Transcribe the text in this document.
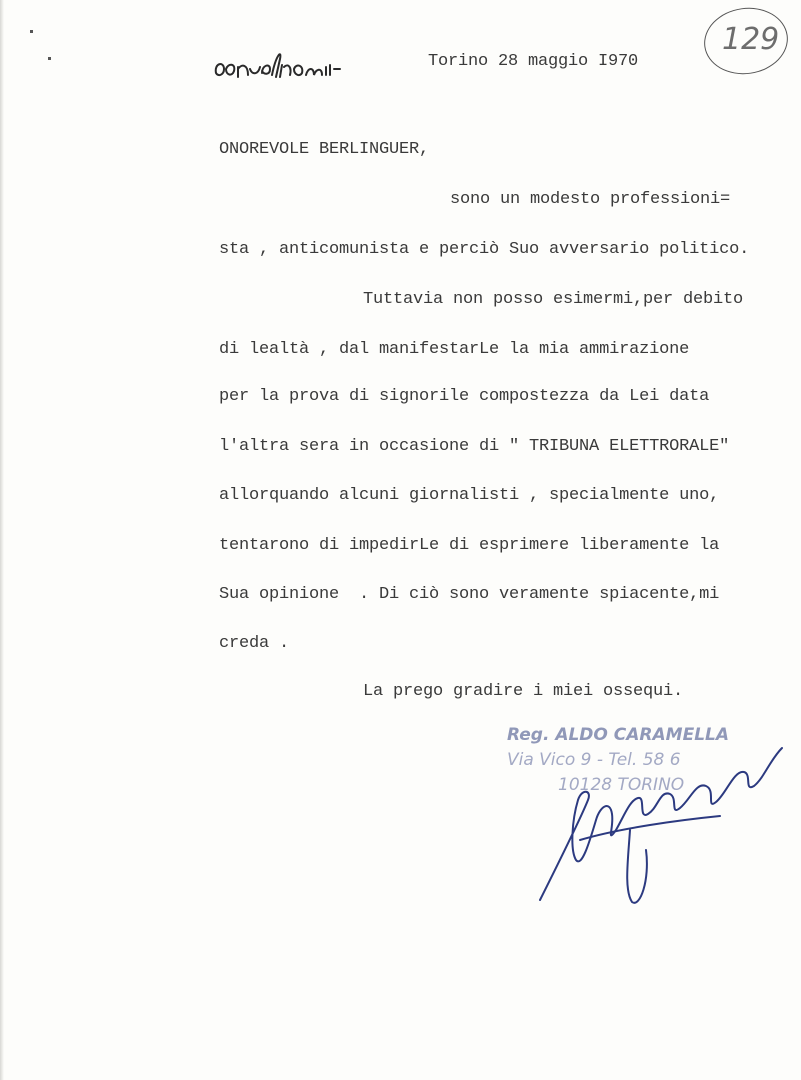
Torino 28 maggio I970
129
ONOREVOLE BERLINGUER,
sono un modesto professioni=
sta , anticomunista e perciò Suo avversario politico.
Tuttavia non posso esimermi,per debito
di lealtà , dal manifestarLe la mia ammirazione
per la prova di signorile compostezza da Lei data
l'altra sera in occasione di " TRIBUNA ELETTRORALE"
allorquando alcuni giornalisti , specialmente uno,
tentarono di impedirLe di esprimere liberamente la
Sua opinione  . Di ciò sono veramente spiacente,mi
creda .
La prego gradire i miei ossequi.
Reg. ALDO CARAMELLA
Via Vico 9 - Tel. 58 6
10128 TORINO
